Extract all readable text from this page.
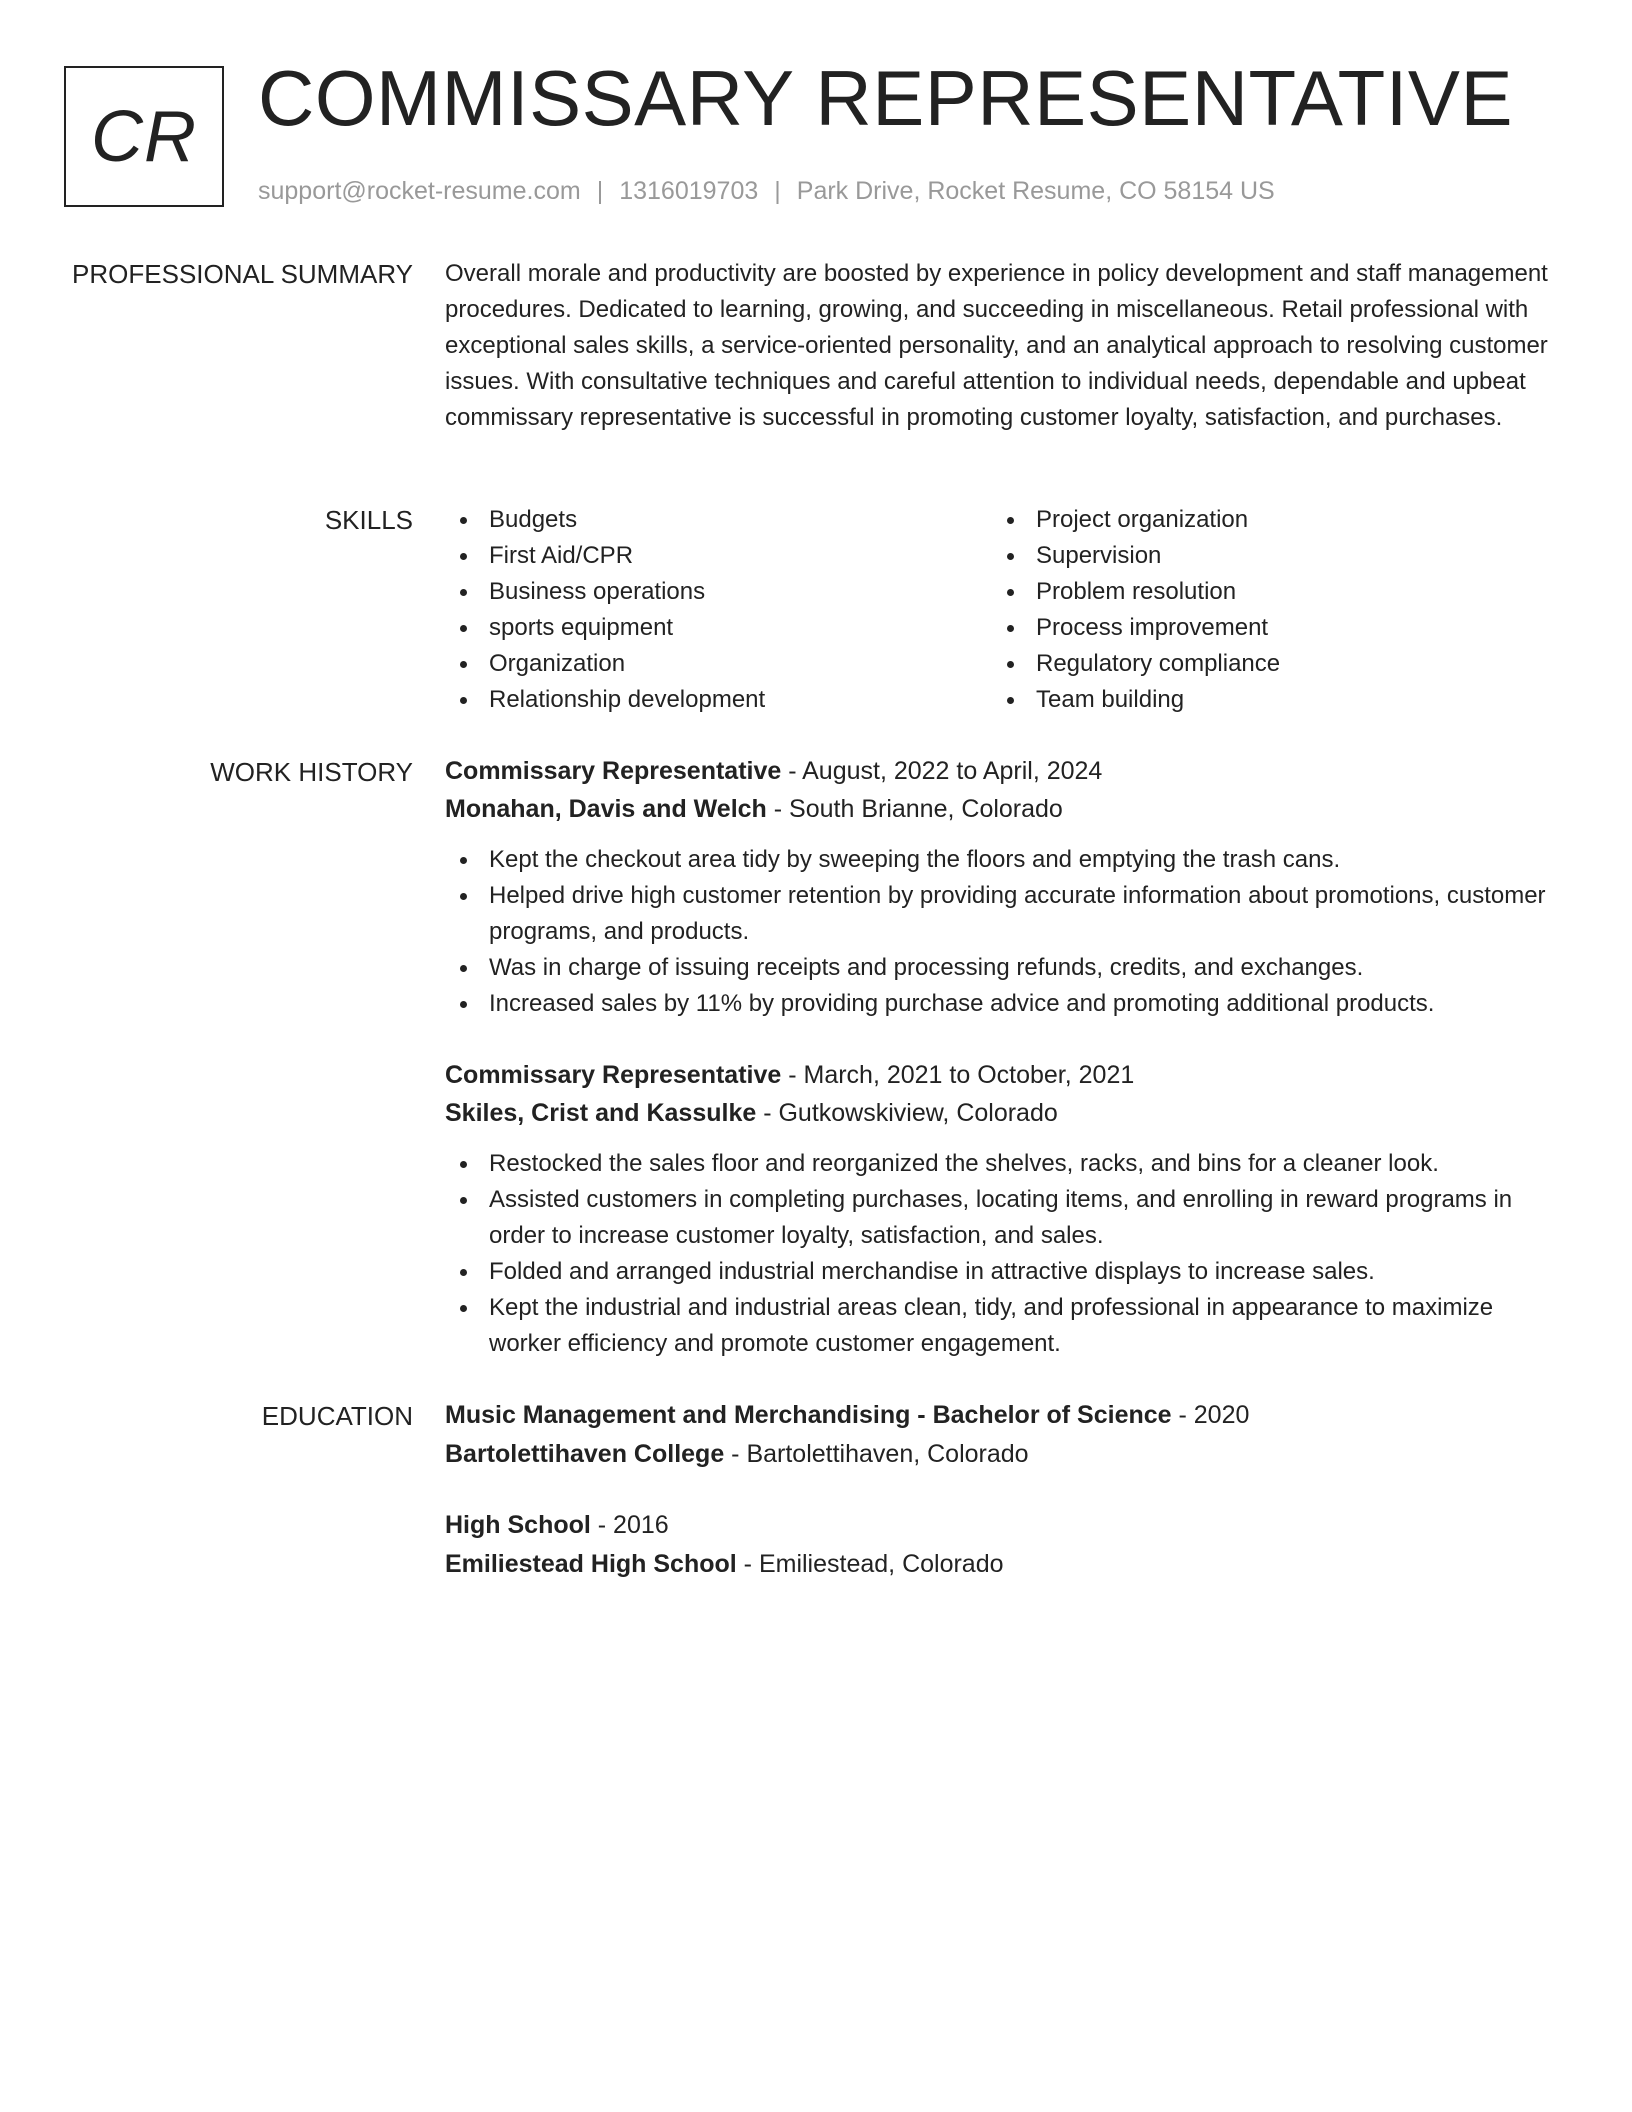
CR COMMISSARY REPRESENTATIVE
support@rocket-resume.com | 1316019703 | Park Drive, Rocket Resume, CO 58154 US
PROFESSIONAL SUMMARY Overall morale and productivity are boosted by experience in policy development and staff management procedures. Dedicated to learning, growing, and succeeding in miscellaneous. Retail professional with exceptional sales skills, a service-oriented personality, and an analytical approach to resolving customer issues. With consultative techniques and careful attention to individual needs, dependable and upbeat commissary representative is successful in promoting customer loyalty, satisfaction, and purchases.

SKILLS	Budgets
First Aid/CPR
Business operations
sports equipment
Organization
Relationship development
Project organization
Supervision
Problem resolution
Process improvement
Regulatory compliance
Team building
WORK HISTORY Commissary Representative - August, 2022 to April, 2024
Monahan, Davis and Welch - South Brianne, Colorado
Kept the checkout area tidy by sweeping the floors and emptying the trash cans.
Helped drive high customer retention by providing accurate information about promotions, customer programs, and products.
Was in charge of issuing receipts and processing refunds, credits, and exchanges.
Increased sales by 11% by providing purchase advice and promoting additional products.
Commissary Representative - March, 2021 to October, 2021
Skiles, Crist and Kassulke - Gutkowskiview, Colorado
Restocked the sales floor and reorganized the shelves, racks, and bins for a cleaner look.
Assisted customers in completing purchases, locating items, and enrolling in reward programs in order to increase customer loyalty, satisfaction, and sales.
Folded and arranged industrial merchandise in attractive displays to increase sales.
Kept the industrial and industrial areas clean, tidy, and professional in appearance to maximize worker efficiency and promote customer engagement.
EDUCATION Music Management and Merchandising - Bachelor of Science - 2020
Bartolettihaven College - Bartolettihaven, Colorado
High School - 2016
Emiliestead High School - Emiliestead, Colorado
